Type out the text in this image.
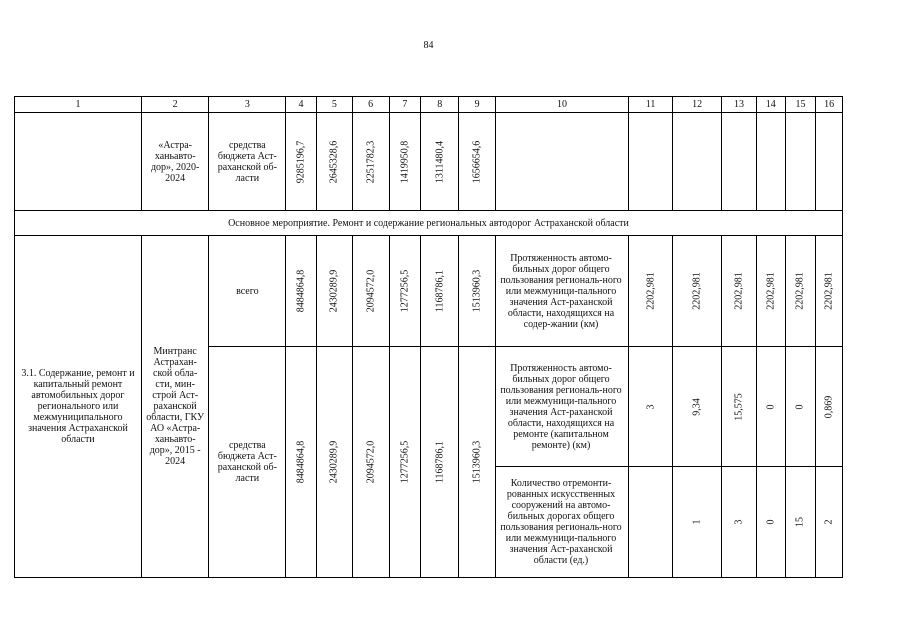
84
1	2	3	4	5	6	7	8	9	10	11	12	13	14	15	16

	«Астра-ханьавто-дор», 2020-2024	средства бюджета Аст-раханской об-ласти	9285196,7	2645328,6	2251782,3	1419950,8	1311480,4	1656654,6							

Основное мероприятие. Ремонт и содержание региональных автодорог Астраханской области															

3.1. Содержание, ремонт и капитальный ремонт автомобильных дорог регионального или межмуниципального значения Астраханской области	Минтранс Астрахан-ской обла-сти, мин-строй Аст-раханской области, ГКУ АО «Астра-ханьавто-дор», 2015 - 2024	всего	8484864,8	2430289,9	2094572,0	1277256,5	1168786,1	1513960,3	Протяженность автомо-бильных дорог общего пользования региональ-ного или межмуници-пального значения Аст-раханской области, находящихся на содер-жании (км)	2202,981	2202,981	2202,981	2202,981	2202,981	2202,981

		средства бюджета Аст-раханской об-ласти	8484864,8	2430289,9	2094572,0	1277256,5	1168786,1	1513960,3	Протяженность автомо-бильных дорог общего пользования региональ-ного или межмуници-пального значения Аст-раханской области, находящихся на ремонте (капитальном ремонте) (км)	3	9,34	15,575	0	0	0,869

									Количество отремонти-рованных искусственных сооружений на автомо-бильных дорогах общего пользования региональ-ного или межмуници-пального значения Аст-раханской области (ед.)		1	3	0	15	2
